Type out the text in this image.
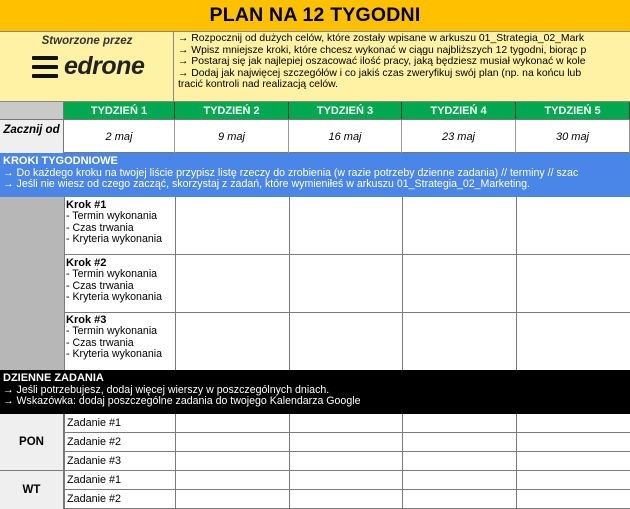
PLAN NA 12 TYGODNI
Stworzone przez
edrone
→ Rozpocznij od dużych celów, które zostały wpisane w arkuszu 01_Strategia_02_Mark
→ Wpisz mniejsze kroki, które chcesz wykonać w ciągu najbliższych 12 tygodni, biorąc p
→ Postaraj się jak najlepiej oszacować ilość pracy, jaką będziesz musiał wykonać w kole
→ Dodaj jak najwięcej szczegółów i co jakiś czas zweryfikuj swój plan (np. na końcu lub
tracić kontroli nad realizacją celów.
TYDZIEŃ 1	TYDZIEŃ 2	TYDZIEŃ 3	TYDZIEŃ 4	TYDZIEŃ 5
Zacznij od
2 maj	9 maj	16 maj	23 maj	30 maj
KROKI TYGODNIOWE
→ Do każdego kroku na twojej liście przypisz listę rzeczy do zrobienia (w razie potrzeby dzienne zadania) // terminy // szac
→ Jeśli nie wiesz od czego zacząć, skorzystaj z zadań, które wymieniłeś w arkuszu 01_Strategia_02_Marketing.
Krok #1
- Termin wykonania
- Czas trwania
- Kryteria wykonania
Krok #2
- Termin wykonania
- Czas trwania
- Kryteria wykonania
Krok #3
- Termin wykonania
- Czas trwania
- Kryteria wykonania
DZIENNE ZADANIA
→ Jeśli potrzebujesz, dodaj więcej wierszy w poszczególnych dniach.
→ Wskazówka: dodaj poszczególne zadania do twojego Kalendarza Google
PON
Zadanie #1
Zadanie #2
Zadanie #3
WT
Zadanie #1
Zadanie #2
